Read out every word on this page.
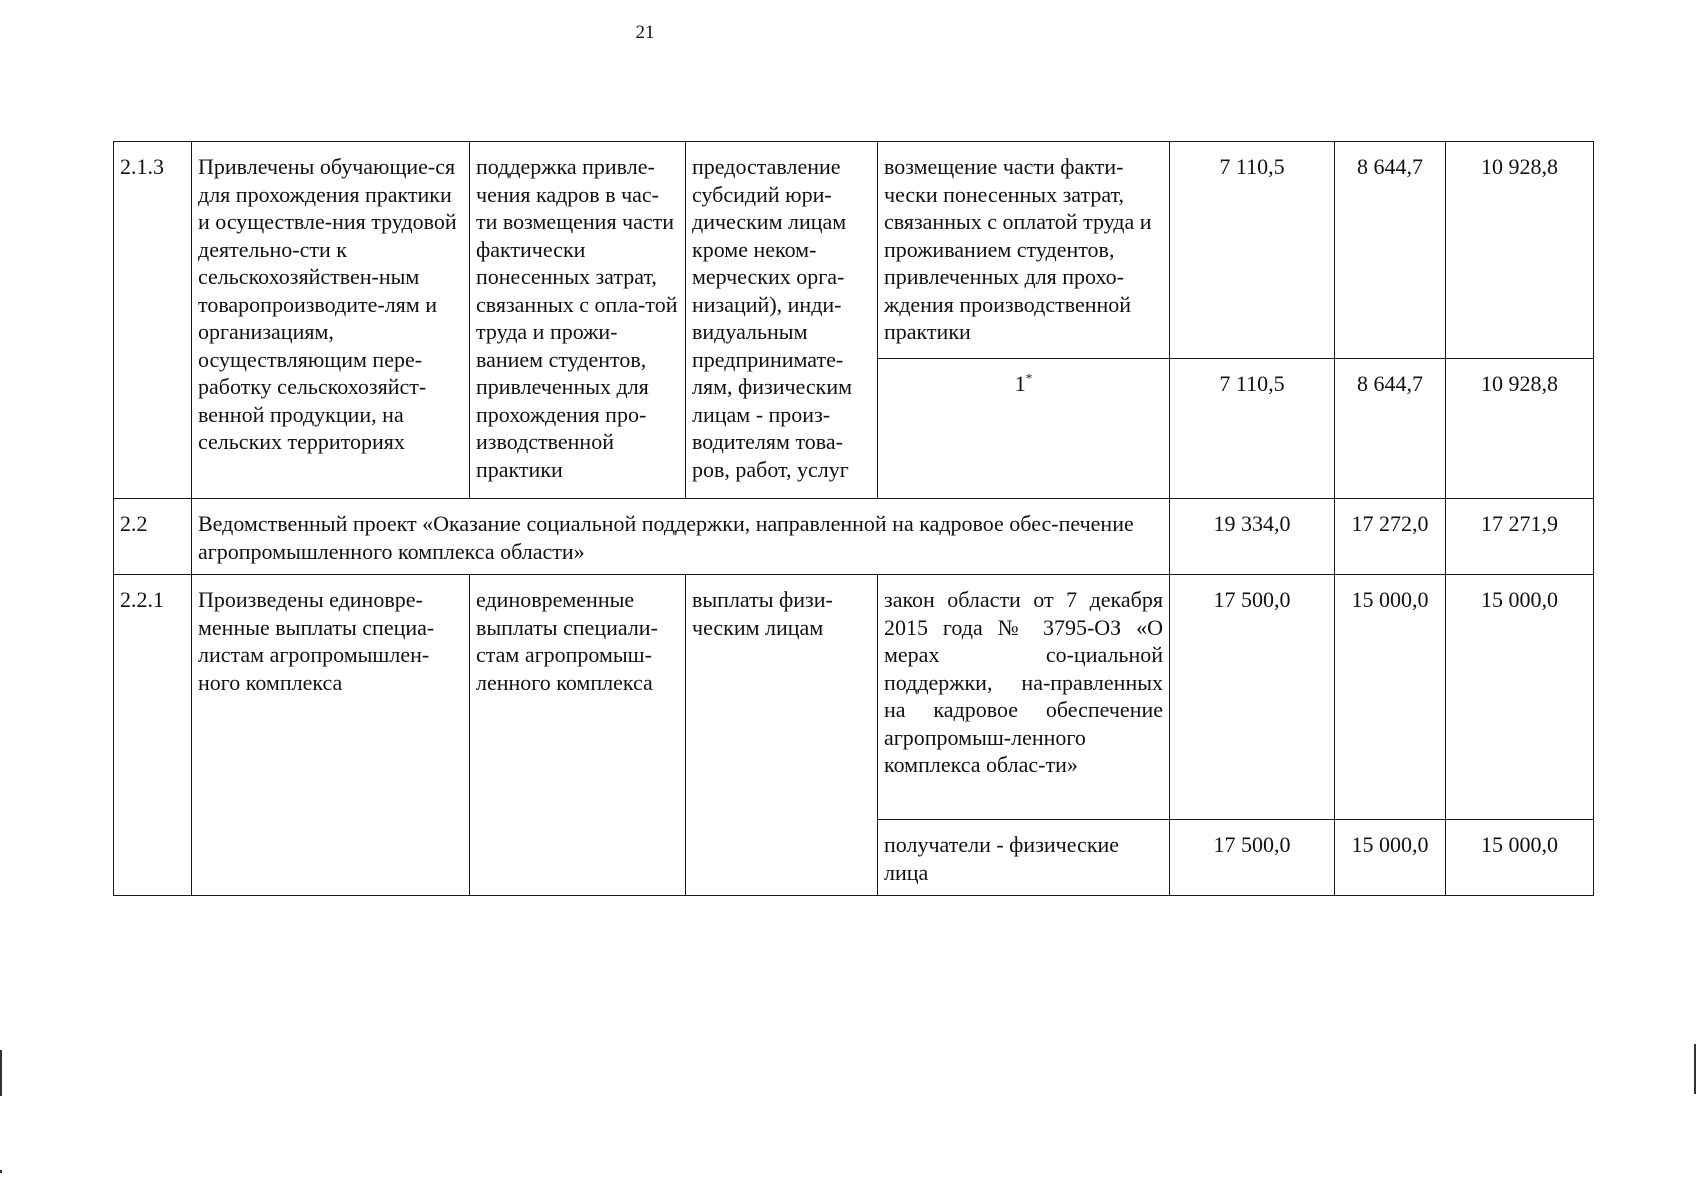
21
2.1.3	Привлечены обучающие-ся для прохождения практики и осуществле-ния трудовой деятельно-сти к сельскохозяйствен-ным товаропроизводите-лям и организациям, осуществляющим пере-работку сельскохозяйст-венной продукции, на сельских территориях	поддержка привле-чения кадров в час-ти возмещения части фактически понесенных затрат, связанных с опла-той труда и прожи-ванием студентов, привлеченных для прохождения про-изводственной практики	предоставление субсидий юри-дическим лицам кроме неком-мерческих орга-низаций), инди-видуальным предпринимате-лям, физическим лицам - произ-водителям това-ров, работ, услуг	возмещение части факти-чески понесенных затрат, связанных с оплатой труда и проживанием студентов, привлеченных для прохо-ждения производственной практики	7 110,5	8 644,7	10 928,8
				1*	7 110,5	8 644,7	10 928,8
2.2	Ведомственный проект «Оказание социальной поддержки, направленной на кадровое обес-печение агропромышленного комплекса области»				19 334,0	17 272,0	17 271,9
2.2.1	Произведены единовре-менные выплаты специа-листам агропромышлен-ного комплекса	единовременные выплаты специали-стам агропромыш-ленного комплекса	выплаты физи-ческим лицам	закон области от 7 декабря 2015 года № 3795-ОЗ «О мерах со-циальной поддержки, на-правленных на кадровое обеспечение агропромыш-ленного комплекса облас-ти»	17 500,0	15 000,0	15 000,0
				получатели - физические лица	17 500,0	15 000,0	15 000,0
